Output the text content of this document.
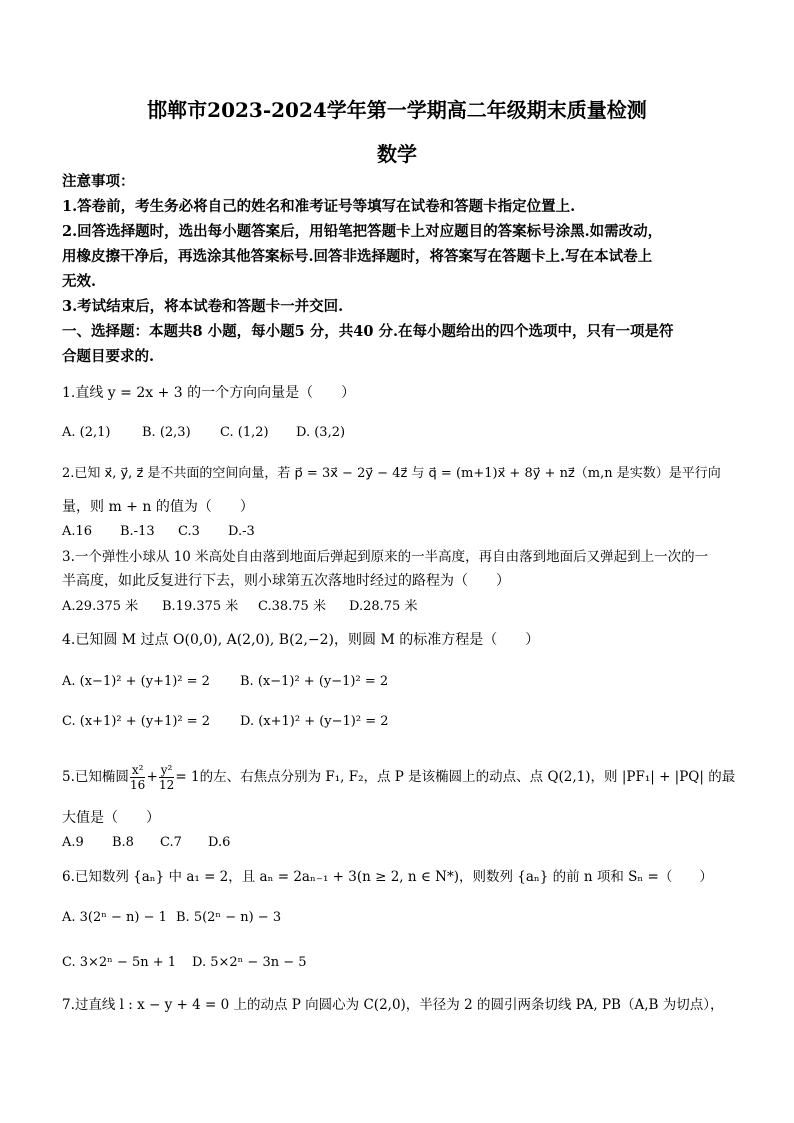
邯郸市2023-2024学年第一学期高二年级期末质量检测
数学
注意事项：
1.答卷前，考生务必将自己的姓名和准考证号等填写在试卷和答题卡指定位置上.
2.回答选择题时，选出每小题答案后，用铅笔把答题卡上对应题目的答案标号涂黑.如需改动，
用橡皮擦干净后，再选涂其他答案标号.回答非选择题时，将答案写在答题卡上.写在本试卷上
无效.
3.考试结束后，将本试卷和答题卡一并交回.
一、选择题：本题共8 小题，每小题5 分，共40 分.在每小题给出的四个选项中，只有一项是符
合题目要求的.
1.直线 y = 2x + 3 的一个方向向量是（　　）
A. (2,1) B. (2,3) C. (1,2) D. (3,2)
2.已知 x⃗, y⃗, z⃗ 是不共面的空间向量，若 p⃗ = 3x⃗ − 2y⃗ − 4z⃗ 与 q⃗ = (m+1)x⃗ + 8y⃗ + nz⃗（m,n 是实数）是平行向
量，则 m + n 的值为（　　）
A.16 B.-13 C.3 D.-3
3.一个弹性小球从 10 米高处自由落到地面后弹起到原来的一半高度，再自由落到地面后又弹起到上一次的一
半高度，如此反复进行下去，则小球第五次落地时经过的路程为（　　）
A.29.375 米 B.19.375 米 C.38.75 米 D.28.75 米
4.已知圆 M 过点 O(0,0), A(2,0), B(2,−2)，则圆 M 的标准方程是（　　）
A. (x−1)² + (y+1)² = 2 B. (x−1)² + (y−1)² = 2
C. (x+1)² + (y+1)² = 2 D. (x+1)² + (y−1)² = 2
5.已知椭圆 $\frac{\text{x²}}{16} + \frac{\text{y²}}{12} = 1$的左、右焦点分别为 F₁, F₂，点 P 是该椭圆上的动点、点 Q(2,1)，则 |PF₁| + |PQ| 的最
大值是（　　）
A.9 B.8 C.7 D.6
6.已知数列 {aₙ} 中 a₁ = 2，且 aₙ = 2aₙ₋₁ + 3(n ≥ 2, n ∈ N*)，则数列 {aₙ} 的前 n 项和 Sₙ =（　　）
A. 3(2ⁿ − n) − 1 B. 5(2ⁿ − n) − 3
C. 3×2ⁿ − 5n + 1 D. 5×2ⁿ − 3n − 5
7.过直线 l : x − y + 4 = 0 上的动点 P 向圆心为 C(2,0)，半径为 2 的圆引两条切线 PA, PB（A,B 为切点），
